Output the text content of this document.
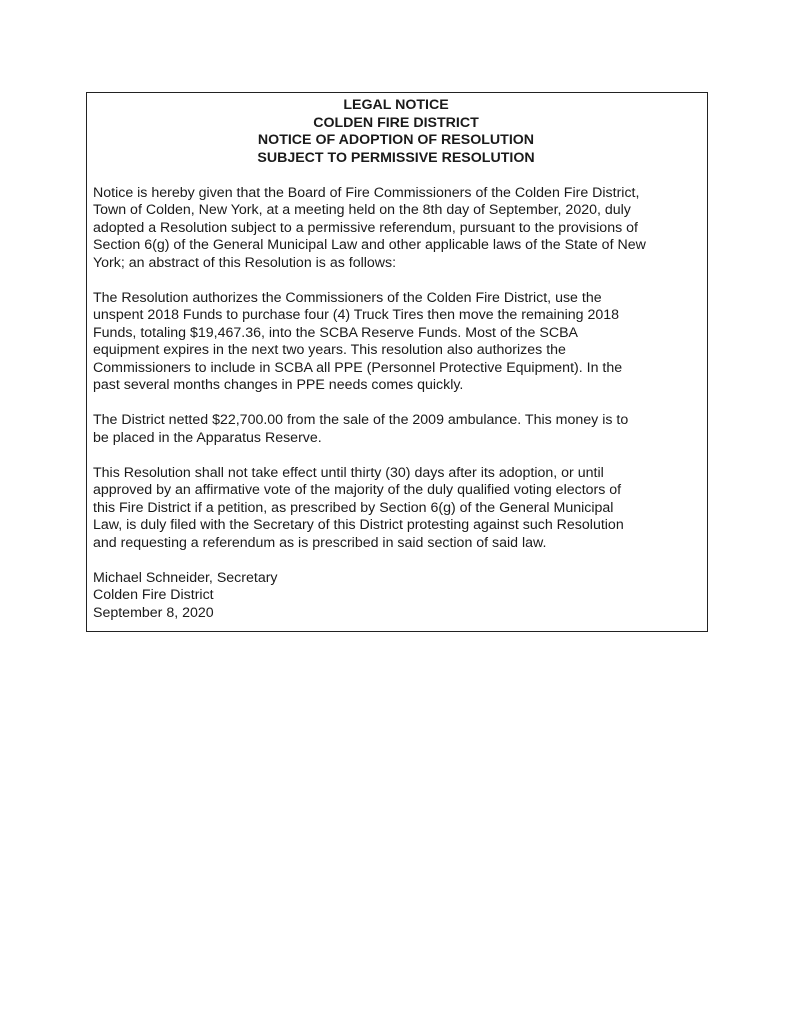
LEGAL NOTICE

COLDEN FIRE DISTRICT

NOTICE OF ADOPTION OF RESOLUTION

SUBJECT TO PERMISSIVE RESOLUTION

Notice is hereby given that the Board of Fire Commissioners of the Colden Fire District,

Town of Colden, New York, at a meeting held on the 8th day of September, 2020, duly

adopted a Resolution subject to a permissive referendum, pursuant to the provisions of

Section 6(g) of the General Municipal Law and other applicable laws of the State of New

York; an abstract of this Resolution is as follows:

The Resolution authorizes the Commissioners of the Colden Fire District, use the

unspent 2018 Funds to purchase four (4) Truck Tires then move the remaining 2018

Funds, totaling $19,467.36, into the SCBA Reserve Funds. Most of the SCBA

equipment expires in the next two years. This resolution also authorizes the

Commissioners to include in SCBA all PPE (Personnel Protective Equipment). In the

past several months changes in PPE needs comes quickly.

The District netted $22,700.00 from the sale of the 2009 ambulance. This money is to

be placed in the Apparatus Reserve.

This Resolution shall not take effect until thirty (30) days after its adoption, or until

approved by an affirmative vote of the majority of the duly qualified voting electors of

this Fire District if a petition, as prescribed by Section 6(g) of the General Municipal

Law, is duly filed with the Secretary of this District protesting against such Resolution

and requesting a referendum as is prescribed in said section of said law.

Michael Schneider, Secretary

Colden Fire District

September 8, 2020
